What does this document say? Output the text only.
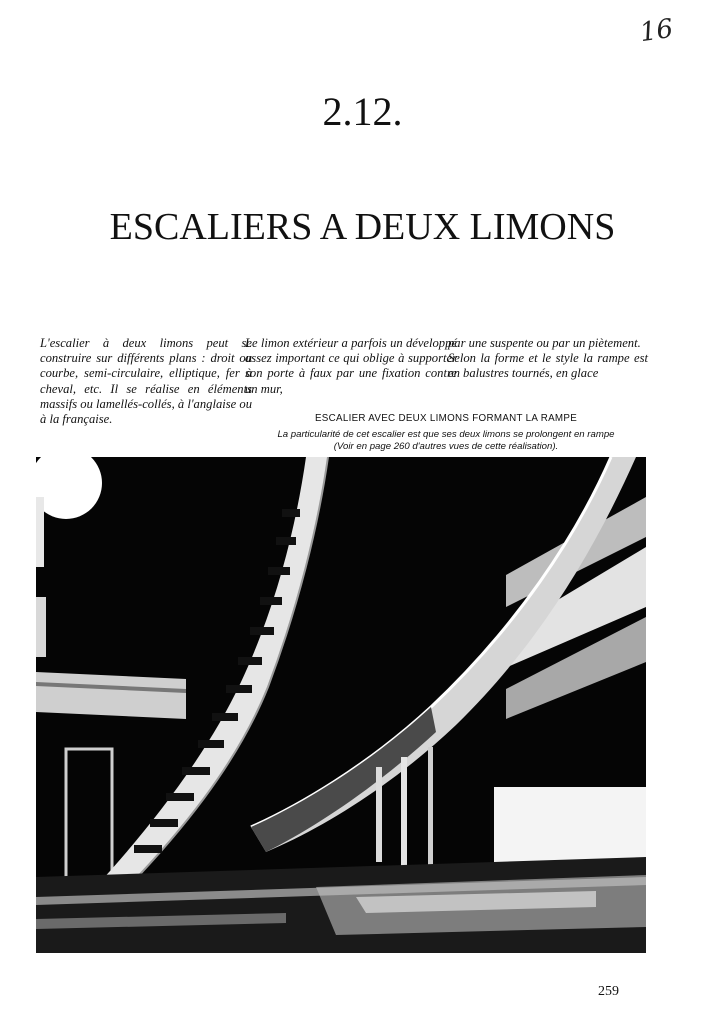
16
2.12.
ESCALIERS A DEUX LIMONS

L'escalier à deux limons peut se construire sur différents plans : droit ou courbe, semi-circulaire, elliptique, fer à cheval, etc. Il se réalise en éléments massifs ou lamellés-collés, à l'anglaise ou à la française.

Le limon extérieur a parfois un développé assez important ce qui oblige à supporter son porte à faux par une fixation contre un mur,

par une suspente ou par un piètement.

Selon la forme et le style la rampe est en balustres tournés, en glace

ESCALIER AVEC DEUX LIMONS FORMANT LA RAMPE

La particularité de cet escalier est que ses deux limons se prolongent en rampe

(Voir en page 260 d'autres vues de cette réalisation).

259
